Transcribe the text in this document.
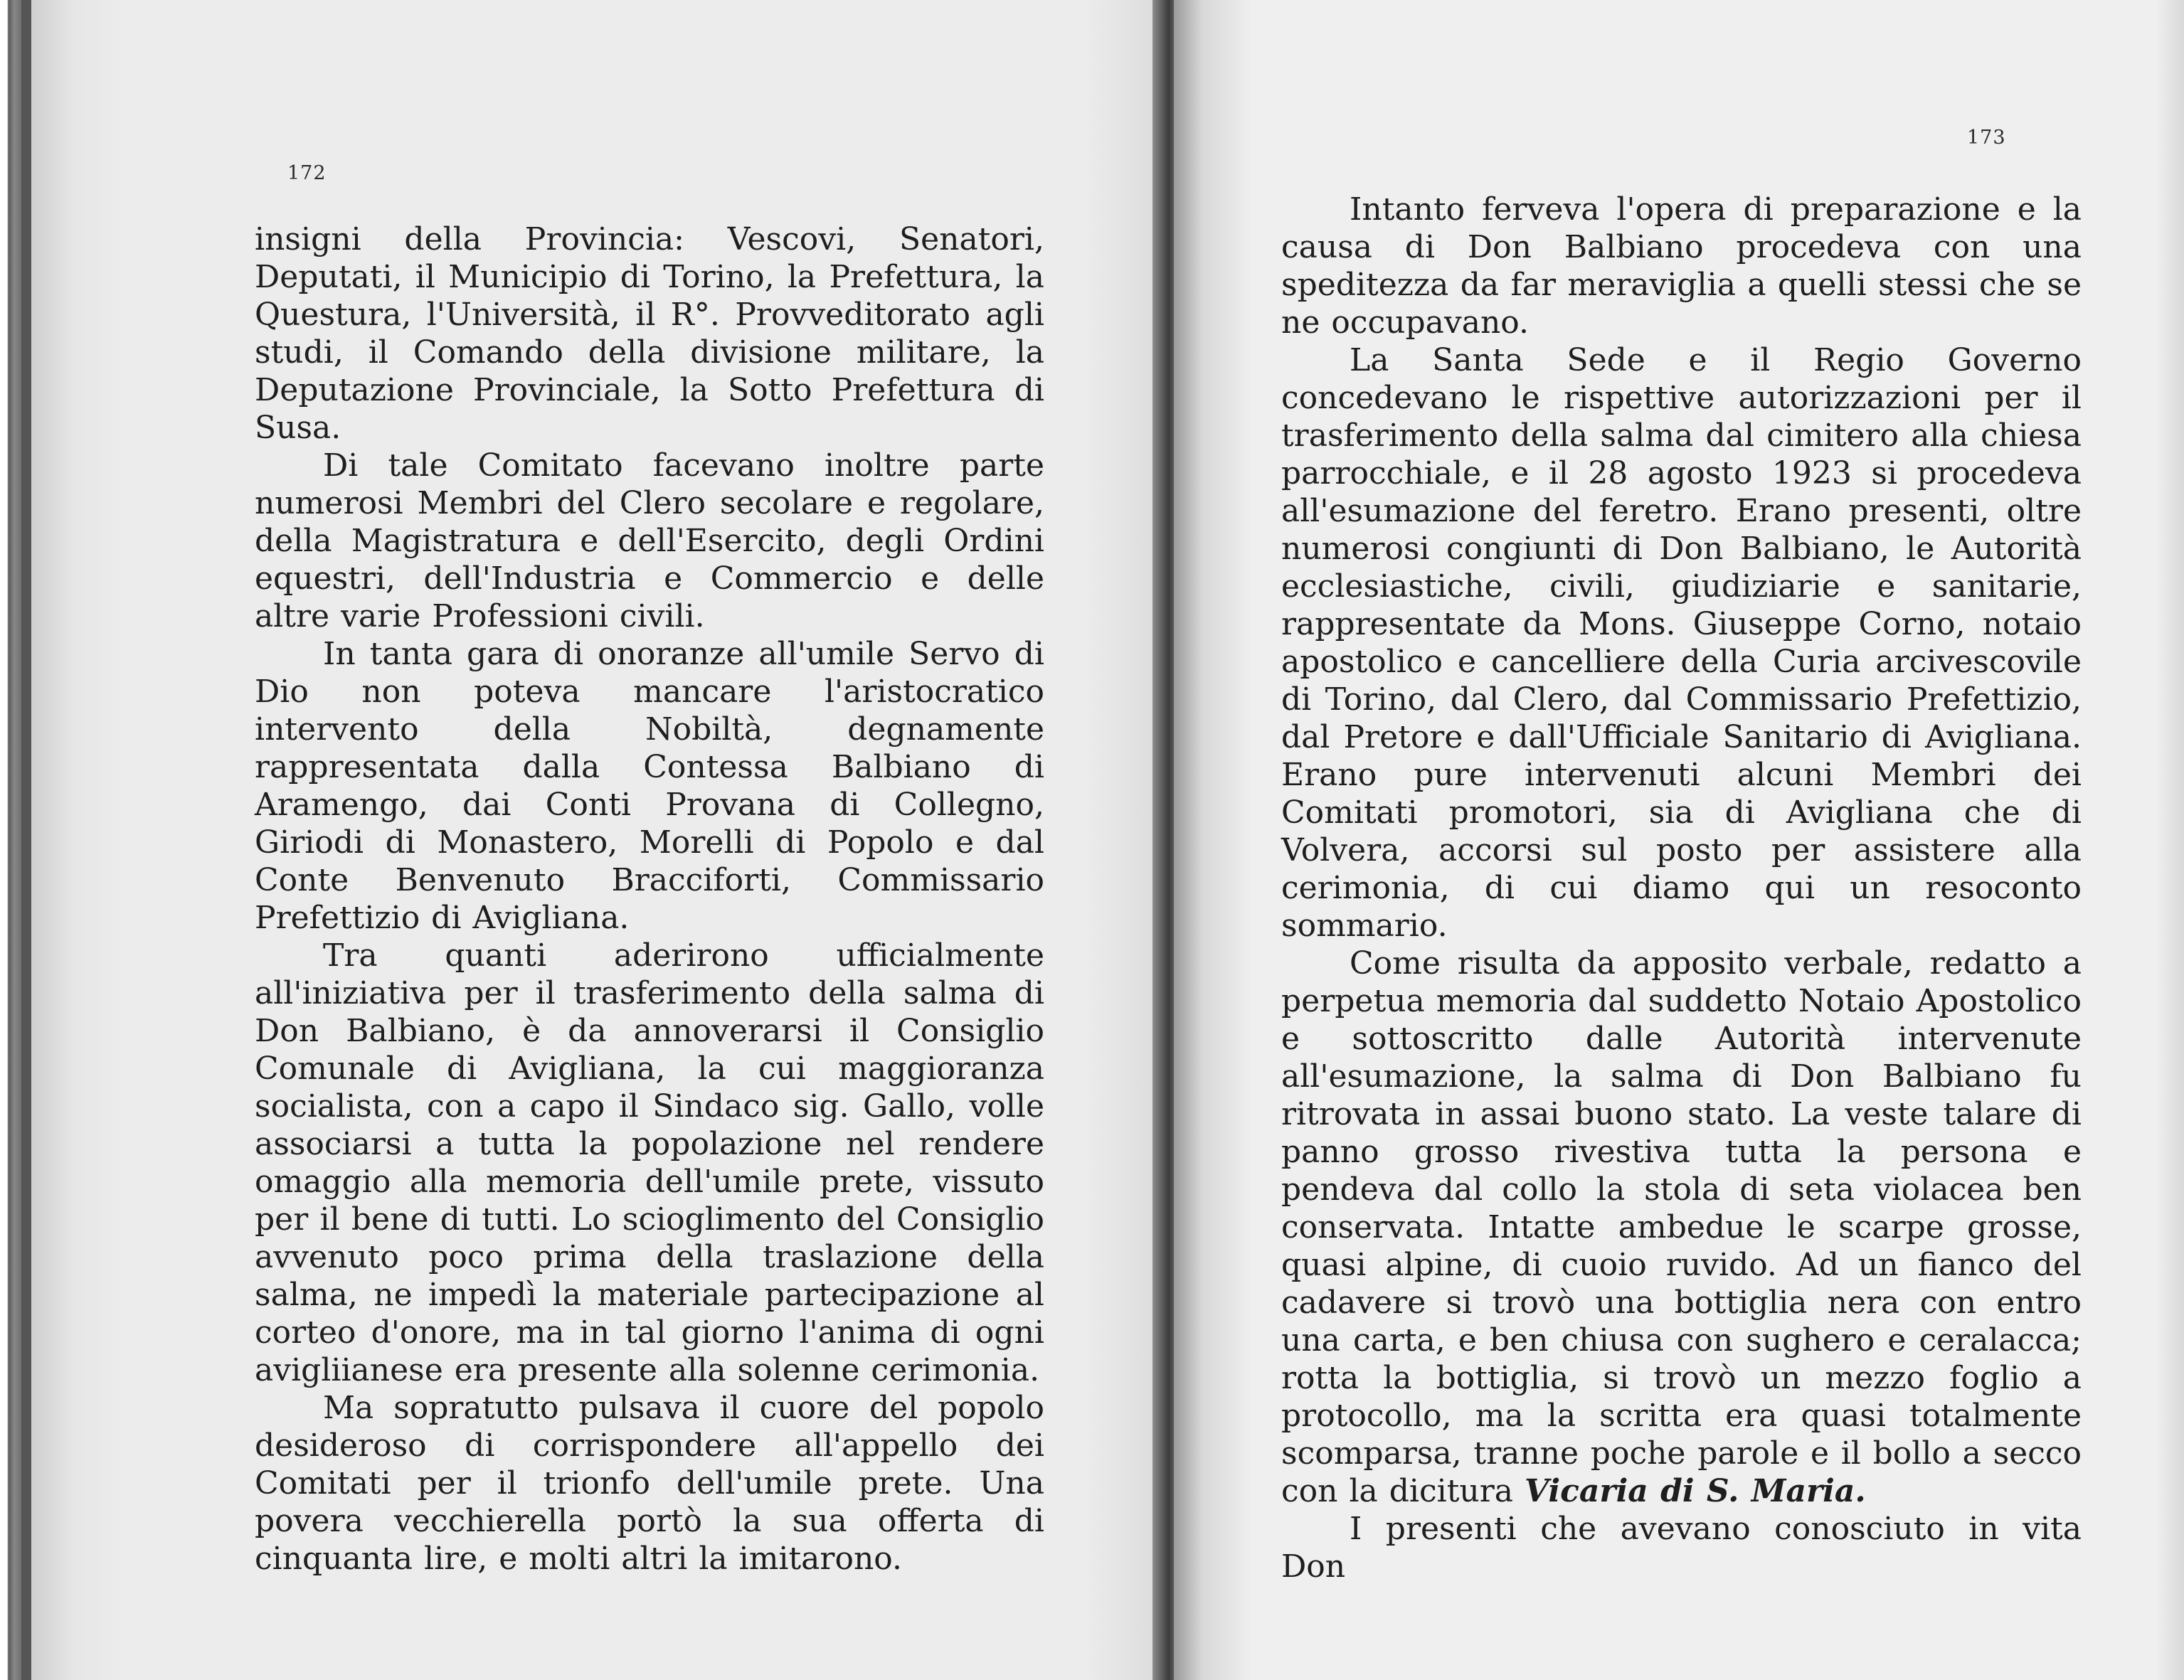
172

insigni della Provincia: Vescovi, Senatori, Deputati, il Municipio di Torino, la Prefettura, la Questura, l'Università, il R°. Provveditorato agli studi, il Comando della divisione militare, la Deputazione Provinciale, la Sotto Prefettura di Susa.

Di tale Comitato facevano inoltre parte numerosi Membri del Clero secolare e regolare, della Magistratura e dell'Esercito, degli Ordini equestri, dell'Industria e Commercio e delle altre varie Professioni civili.

In tanta gara di onoranze all'umile Servo di Dio non poteva mancare l'aristocratico intervento della Nobiltà, degnamente rappresentata dalla Contessa Balbiano di Aramengo, dai Conti Provana di Collegno, Giriodi di Monastero, Morelli di Popolo e dal Conte Benvenuto Bracciforti, Commissario Prefettizio di Avigliana.

Tra quanti aderirono ufficialmente all'iniziativa per il trasferimento della salma di Don Balbiano, è da annoverarsi il Consiglio Comunale di Avigliana, la cui maggioranza socialista, con a capo il Sindaco sig. Gallo, volle associarsi a tutta la popolazione nel rendere omaggio alla memoria dell'umile prete, vissuto per il bene di tutti. Lo scioglimento del Consiglio avvenuto poco prima della traslazione della salma, ne impedì la materiale partecipazione al corteo d'onore, ma in tal giorno l'anima di ogni avigliianese era presente alla solenne cerimonia.

Ma sopratutto pulsava il cuore del popolo desideroso di corrispondere all'appello dei Comitati per il trionfo dell'umile prete. Una povera vecchierella portò la sua offerta di cinquanta lire, e molti altri la imitarono.

173

Intanto ferveva l'opera di preparazione e la causa di Don Balbiano procedeva con una speditezza da far meraviglia a quelli stessi che se ne occupavano.

La Santa Sede e il Regio Governo concedevano le rispettive autorizzazioni per il trasferimento della salma dal cimitero alla chiesa parrocchiale, e il 28 agosto 1923 si procedeva all'esumazione del feretro. Erano presenti, oltre numerosi congiunti di Don Balbiano, le Autorità ecclesiastiche, civili, giudiziarie e sanitarie, rappresentate da Mons. Giuseppe Corno, notaio apostolico e cancelliere della Curia arcivescovile di Torino, dal Clero, dal Commissario Prefettizio, dal Pretore e dall'Ufficiale Sanitario di Avigliana. Erano pure intervenuti alcuni Membri dei Comitati promotori, sia di Avigliana che di Volvera, accorsi sul posto per assistere alla cerimonia, di cui diamo qui un resoconto sommario.

Come risulta da apposito verbale, redatto a perpetua memoria dal suddetto Notaio Apostolico e sottoscritto dalle Autorità intervenute all'esumazione, la salma di Don Balbiano fu ritrovata in assai buono stato. La veste talare di panno grosso rivestiva tutta la persona e pendeva dal collo la stola di seta violacea ben conservata. Intatte ambedue le scarpe grosse, quasi alpine, di cuoio ruvido. Ad un fianco del cadavere si trovò una bottiglia nera con entro una carta, e ben chiusa con sughero e ceralacca; rotta la bottiglia, si trovò un mezzo foglio a protocollo, ma la scritta era quasi totalmente scomparsa, tranne poche parole e il bollo a secco con la dicitura Vicaria di S. Maria.

I presenti che avevano conosciuto in vita Don
